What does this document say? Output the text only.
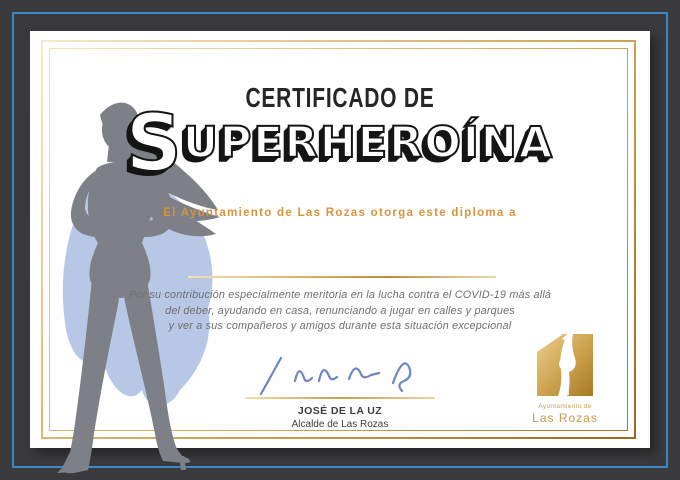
CERTIFICADO DE
SUPERHEROÍNA
El Ayuntamiento de Las Rozas otorga este diploma a
Por su contribución especialmente meritoria en la lucha contra el COVID-19 más allá
del deber, ayudando en casa, renunciando a jugar en calles y parques
y ver a sus compañeros y amigos durante esta situación excepcional
JOSÉ DE LA UZ
Alcalde de Las Rozas
Ayuntamiento de
Las Rozas
